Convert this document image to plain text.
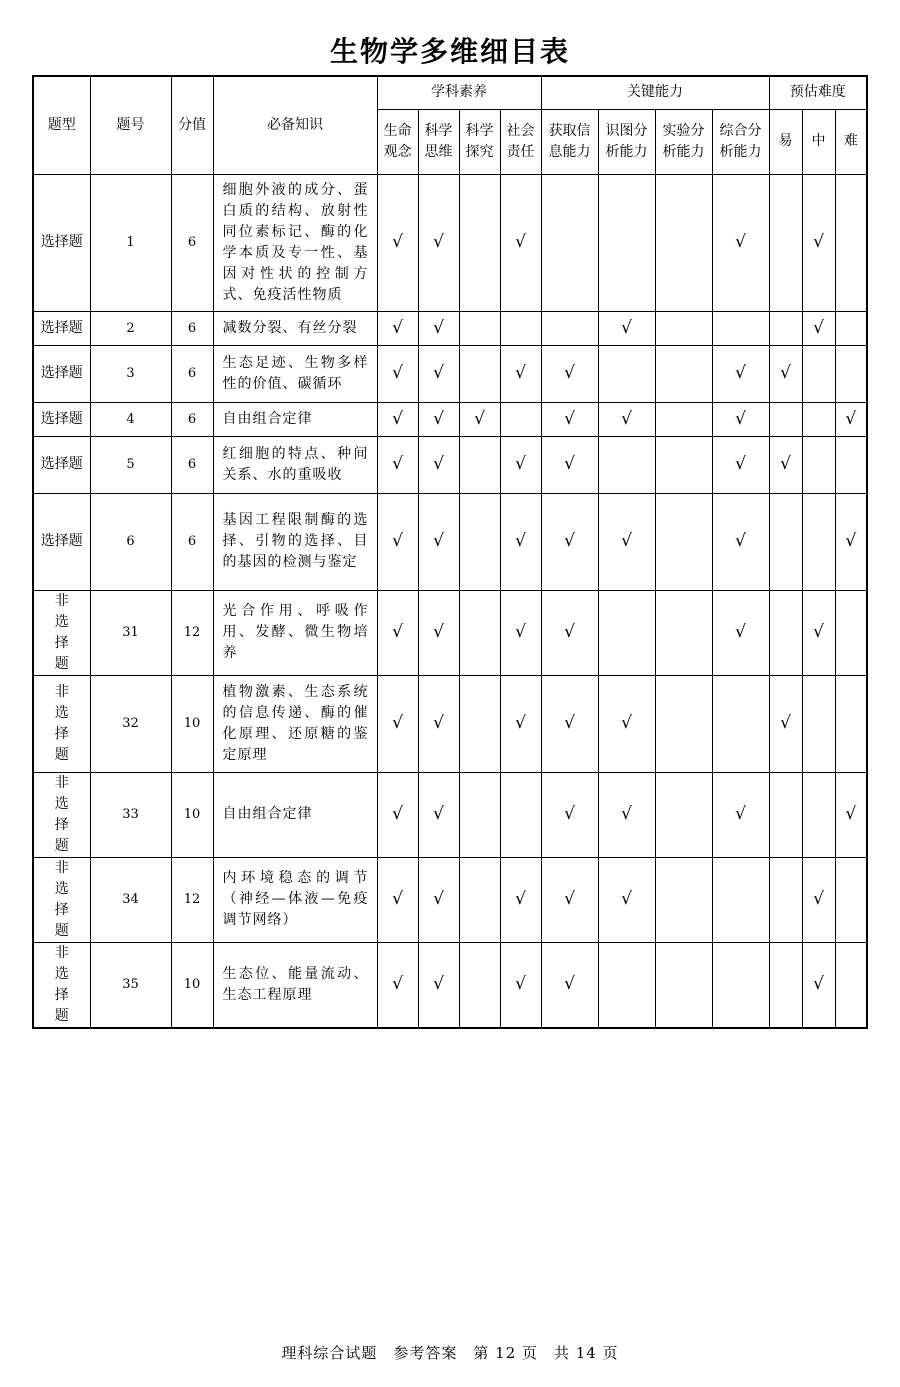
生物学多维细目表
题型	题号	分值	必备知识	学科素养				关键能力				预估难度		
				生命观念	科学思维	科学探究	社会责任	获取信息能力	识图分析能力	实验分析能力	综合分析能力	易	中	难
选择题	1	6	细胞外液的成分、蛋白质的结构、放射性同位素标记、酶的化学本质及专一性、基因对性状的控制方式、免疫活性物质	√	√		√				√		√	
选择题	2	6	减数分裂、有丝分裂	√	√				√				√	
选择题	3	6	生态足迹、生物多样性的价值、碳循环	√	√		√	√			√	√		
选择题	4	6	自由组合定律	√	√	√		√	√		√			√
选择题	5	6	红细胞的特点、种间关系、水的重吸收	√	√		√	√			√	√		
选择题	6	6	基因工程限制酶的选择、引物的选择、目的基因的检测与鉴定	√	√		√	√	√		√			√
非选择题	31	12	光合作用、呼吸作用、发酵、微生物培养	√	√		√	√			√		√	
非选择题	32	10	植物激素、生态系统的信息传递、酶的催化原理、还原糖的鉴定原理	√	√		√	√	√			√		
非选择题	33	10	自由组合定律	√	√			√	√		√			√
非选择题	34	12	内环境稳态的调节（神经—体液—免疫调节网络）	√	√		√	√	√				√	
非选择题	35	10	生态位、能量流动、生态工程原理	√	√		√	√					√	
理科综合试题　参考答案　第 12 页　共 14 页
